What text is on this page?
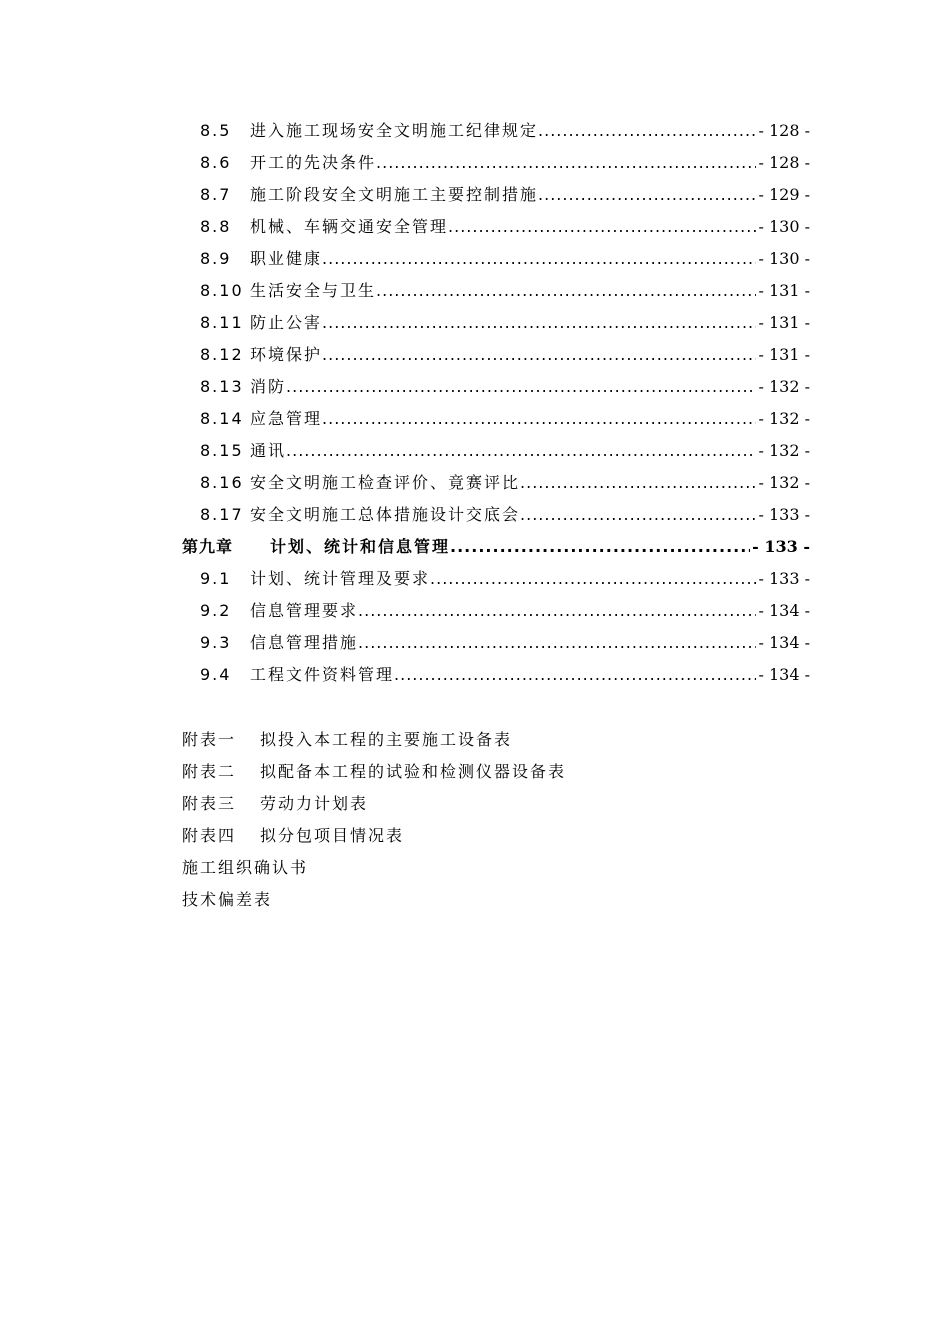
8.5	进入施工现场安全文明施工纪律规定 .....	- 128 -
8.6	开工的先决条件 .....	- 128 -
8.7	施工阶段安全文明施工主要控制措施 .....	- 129 -
8.8	机械、车辆交通安全管理 .....	- 130 -
8.9	职业健康 .....	- 130 -
8.10 生活安全与卫生 .....	- 131 -
8.11 防止公害 .....	- 131 -
8.12 环境保护 .....	- 131 -
8.13 消防 .....	- 132 -
8.14 应急管理 .....	- 132 -
8.15 通讯 .....	- 132 -
8.16 安全文明施工检查评价、竟赛评比 .....	- 132 -
8.17 安全文明施工总体措施设计交底会 .....	- 133 -
第九章	计划、统计和信息管理 .....	- 133 -
9.1	计划、统计管理及要求 .....	- 133 -
9.2	信息管理要求 .....	- 134 -
9.3	信息管理措施 .....	- 134 -
9.4	工程文件资料管理 .....	- 134 -
附表一 拟投入本工程的主要施工设备表
附表二 拟配备本工程的试验和检测仪器设备表
附表三 劳动力计划表
附表四 拟分包项目情况表
施工组织确认书
技术偏差表
